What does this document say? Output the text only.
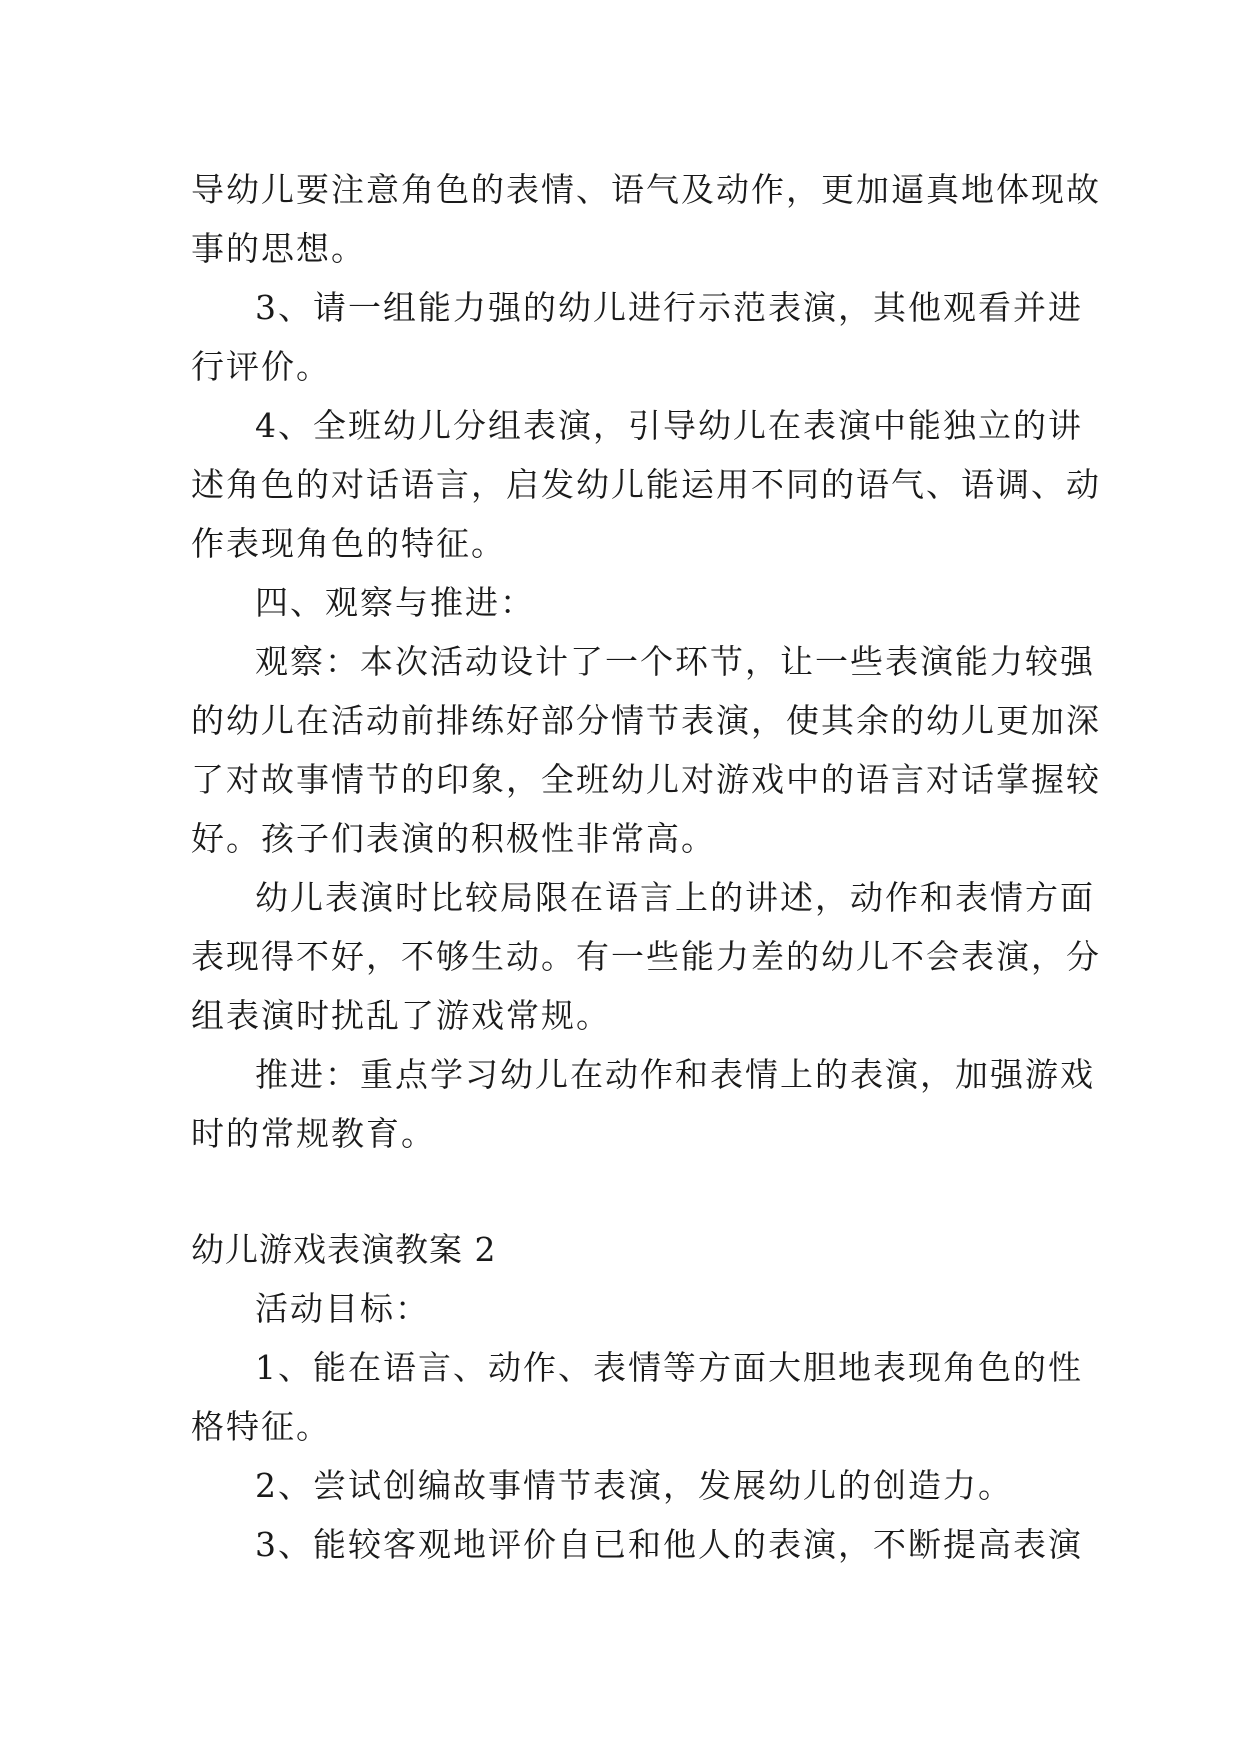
导幼儿要注意角色的表情、语气及动作，更加逼真地体现故
事的思想。
3、请一组能力强的幼儿进行示范表演，其他观看并进
行评价。
4、全班幼儿分组表演，引导幼儿在表演中能独立的讲
述角色的对话语言，启发幼儿能运用不同的语气、语调、动
作表现角色的特征。
四、观察与推进：
观察：本次活动设计了一个环节，让一些表演能力较强
的幼儿在活动前排练好部分情节表演，使其余的幼儿更加深
了对故事情节的印象，全班幼儿对游戏中的语言对话掌握较
好。孩子们表演的积极性非常高。
幼儿表演时比较局限在语言上的讲述，动作和表情方面
表现得不好，不够生动。有一些能力差的幼儿不会表演，分
组表演时扰乱了游戏常规。
推进：重点学习幼儿在动作和表情上的表演，加强游戏
时的常规教育。
幼儿游戏表演教案 2
活动目标：
1、能在语言、动作、表情等方面大胆地表现角色的性
格特征。
2、尝试创编故事情节表演，发展幼儿的创造力。
3、能较客观地评价自已和他人的表演，不断提高表演
